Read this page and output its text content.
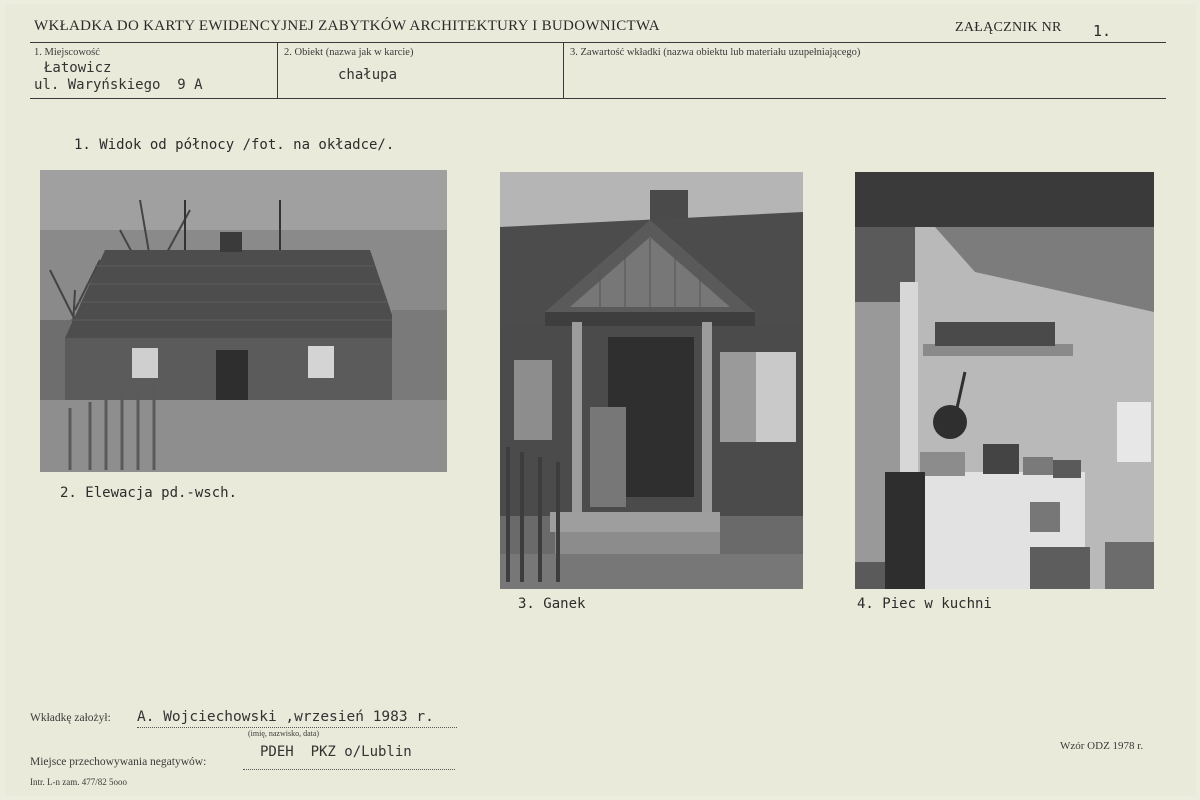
WKŁADKA DO KARTY EWIDENCYJNEJ ZABYTKÓW ARCHITEKTURY I BUDOWNICTWA	ZAŁĄCZNIK NR 1.
1. Miejscowość
Łatowicz
ul. Waryńskiego  9 A
2. Obiekt (nazwa jak w karcie)
chałupa
3. Zawartość wkładki (nazwa obiektu lub materiału uzupełniającego)
1. Widok od północy /fot. na okładce/.
2. Elewacja pd.-wsch.
3. Ganek	4. Piec w kuchni
Wkładkę założył: A. Wojciechowski ,wrzesień 1983 r.
(imię, nazwisko, data)
Miejsce przechowywania negatywów:
PDEH  PKZ o/Lublin	Wzór ODZ 1978 r.
Intr. L-n zam. 477/82 5ooo
